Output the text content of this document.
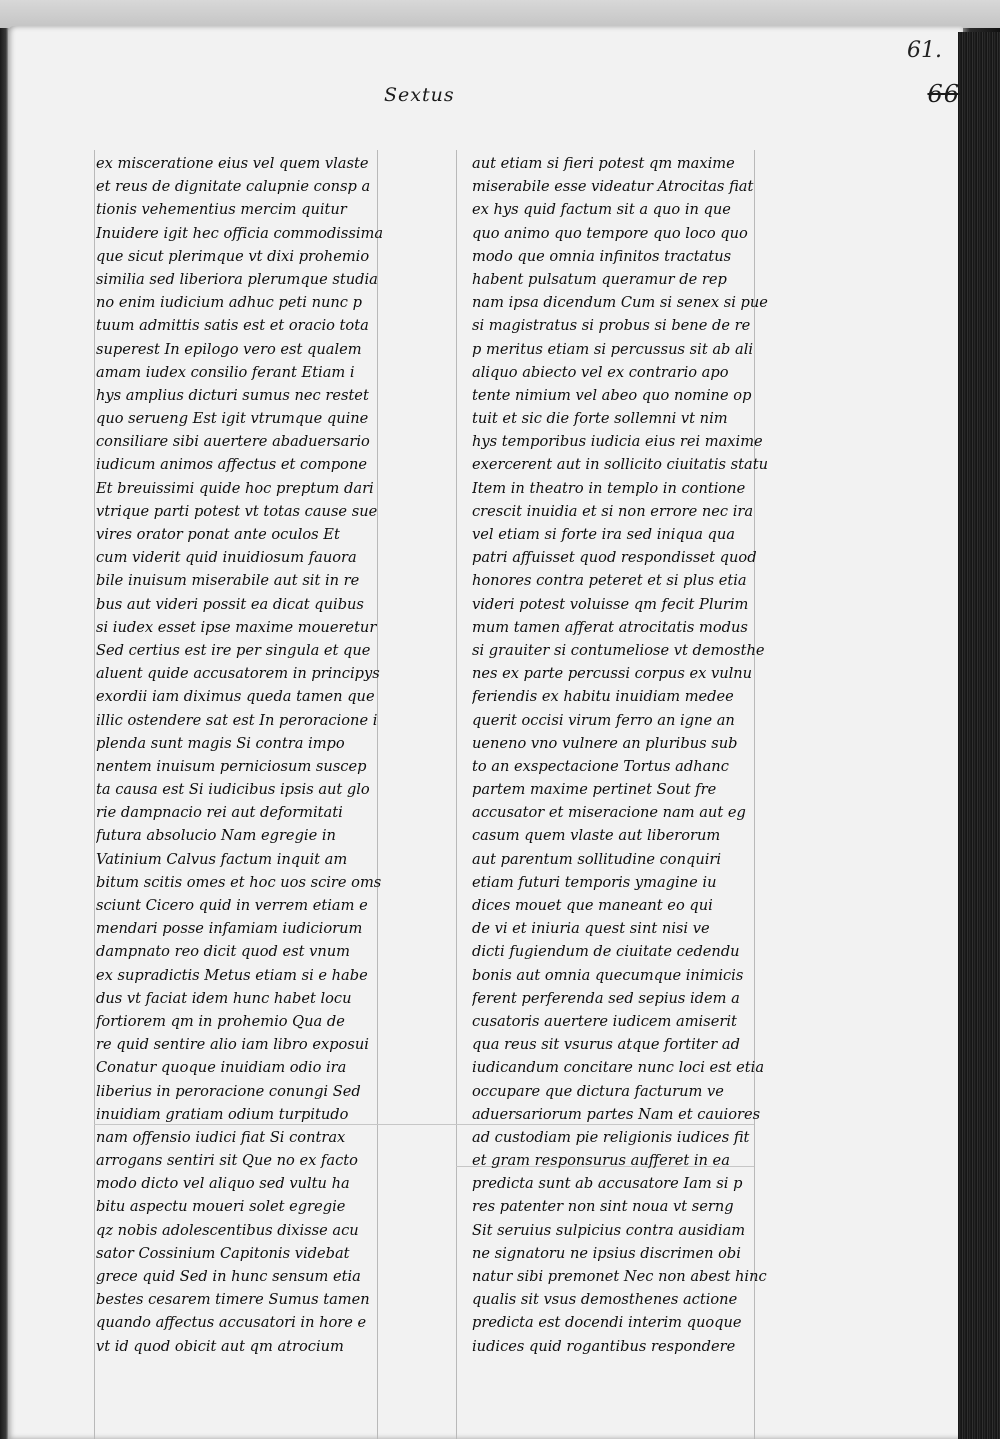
61.
66
Sextus
ex misceratione eius vel quem vlaste
et reus de dignitate calupnie consp a
tionis vehementius mercim quitur
Inuidere igit hec officia commodissima
que sicut plerimque vt dixi prohemio
similia sed liberiora plerumque studia
no enim iudicium adhuc peti nunc p
tuum admittis satis est et oracio tota
superest In epilogo vero est qualem
amam iudex consilio ferant Etiam i
hys amplius dicturi sumus nec restet
quo serueng Est igit vtrumque quine
consiliare sibi auertere abaduersario
iudicum animos affectus et compone
Et breuissimi quide hoc preptum dari
vtrique parti potest vt totas cause sue
vires orator ponat ante oculos Et
cum viderit quid inuidiosum fauora
bile inuisum miserabile aut sit in re
bus aut videri possit ea dicat quibus
si iudex esset ipse maxime moueretur
Sed certius est ire per singula et que
aluent quide accusatorem in principys
exordii iam diximus queda tamen que
illic ostendere sat est In peroracione i
plenda sunt magis Si contra impo
nentem inuisum perniciosum suscep
ta causa est Si iudicibus ipsis aut glo
rie dampnacio rei aut deformitati
futura absolucio Nam egregie in
Vatinium Calvus factum inquit am
bitum scitis omes et hoc uos scire oms
sciunt Cicero quid in verrem etiam e
mendari posse infamiam iudiciorum
dampnato reo dicit quod est vnum
ex supradictis Metus etiam si e habe
dus vt faciat idem hunc habet locu
fortiorem qm in prohemio Qua de
re quid sentire alio iam libro exposui
Conatur quoque inuidiam odio ira
liberius in peroracione conungi Sed
inuidiam gratiam odium turpitudo
nam offensio iudici fiat Si contrax
arrogans sentiri sit Que no ex facto
modo dicto vel aliquo sed vultu ha
bitu aspectu moueri solet egregie
qz nobis adolescentibus dixisse acu
sator Cossinium Capitonis videbat
grece quid Sed in hunc sensum etia
bestes cesarem timere Sumus tamen
quando affectus accusatori in hore e
vt id quod obicit aut qm atrocium
aut etiam si fieri potest qm maxime
miserabile esse videatur Atrocitas fiat
ex hys quid factum sit a quo in que
quo animo quo tempore quo loco quo
modo que omnia infinitos tractatus
habent pulsatum queramur de rep
nam ipsa dicendum Cum si senex si pue
si magistratus si probus si bene de re
p meritus etiam si percussus sit ab ali
aliquo abiecto vel ex contrario apo
tente nimium vel abeo quo nomine op
tuit et sic die forte sollemni vt nim
hys temporibus iudicia eius rei maxime
exercerent aut in sollicito ciuitatis statu
Item in theatro in templo in contione
crescit inuidia et si non errore nec ira
vel etiam si forte ira sed iniqua qua
patri affuisset quod respondisset quod
honores contra peteret et si plus etia
videri potest voluisse qm fecit Plurim
mum tamen afferat atrocitatis modus
si grauiter si contumeliose vt demosthe
nes ex parte percussi corpus ex vulnu
feriendis ex habitu inuidiam medee
querit occisi virum ferro an igne an
ueneno vno vulnere an pluribus sub
to an exspectacione Tortus adhanc
partem maxime pertinet Sout fre
accusator et miseracione nam aut eg
casum quem vlaste aut liberorum
aut parentum sollitudine conquiri
etiam futuri temporis ymagine iu
dices mouet que maneant eo qui
de vi et iniuria quest sint nisi ve
dicti fugiendum de ciuitate cedendu
bonis aut omnia quecumque inimicis
ferent perferenda sed sepius idem a
cusatoris auertere iudicem amiserit
qua reus sit vsurus atque fortiter ad
iudicandum concitare nunc loci est etia
occupare que dictura facturum ve
aduersariorum partes Nam et cauiores
ad custodiam pie religionis iudices fit
et gram responsurus aufferet in ea
predicta sunt ab accusatore Iam si p
res patenter non sint noua vt serng
Sit seruius sulpicius contra ausidiam
ne signatoru ne ipsius discrimen obi
natur sibi premonet Nec non abest hinc
qualis sit vsus demosthenes actione
predicta est docendi interim quoque
iudices quid rogantibus respondere
